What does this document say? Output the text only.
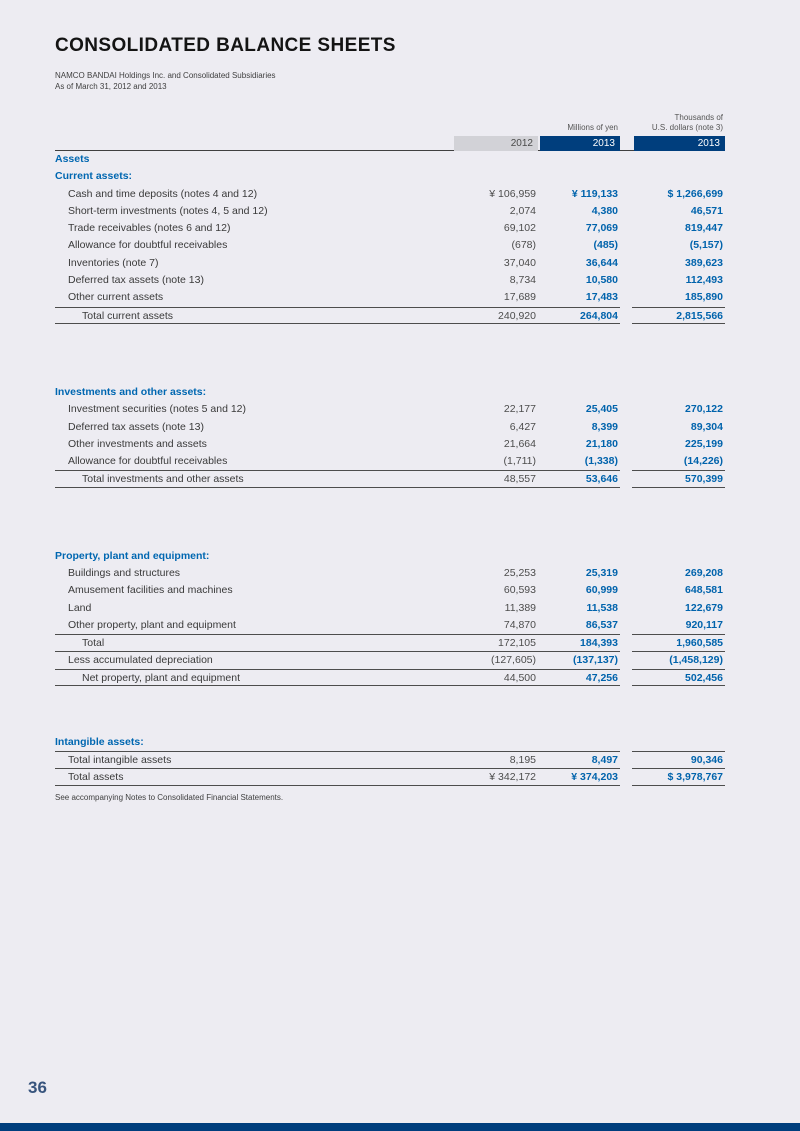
CONSOLIDATED BALANCE SHEETS
NAMCO BANDAI Holdings Inc. and Consolidated Subsidiaries
As of March 31, 2012 and 2013
Millions of yen
Thousands of
U.S. dollars (note 3)
2012	2013	2013
Assets
Current assets:
Cash and time deposits (notes 4 and 12)	¥ 106,959	¥ 119,133	$ 1,266,699
Short-term investments (notes 4, 5 and 12)	2,074	4,380	46,571
Trade receivables (notes 6 and 12)	69,102	77,069	819,447
Allowance for doubtful receivables	(678)	(485)	(5,157)
Inventories (note 7)	37,040	36,644	389,623
Deferred tax assets (note 13)	8,734	10,580	112,493
Other current assets	17,689	17,483	185,890
Total current assets	240,920	264,804	2,815,566
Investments and other assets:
Investment securities (notes 5 and 12)	22,177	25,405	270,122
Deferred tax assets (note 13)	6,427	8,399	89,304
Other investments and assets	21,664	21,180	225,199
Allowance for doubtful receivables	(1,711)	(1,338)	(14,226)
Total investments and other assets	48,557	53,646	570,399
Property, plant and equipment:
Buildings and structures	25,253	25,319	269,208
Amusement facilities and machines	60,593	60,999	648,581
Land	11,389	11,538	122,679
Other property, plant and equipment	74,870	86,537	920,117
Total	172,105	184,393	1,960,585
Less accumulated depreciation	(127,605)	(137,137)	(1,458,129)
Net property, plant and equipment	44,500	47,256	502,456
Intangible assets:
Total intangible assets	8,195	8,497	90,346
Total assets	¥ 342,172	¥ 374,203	$ 3,978,767
See accompanying Notes to Consolidated Financial Statements.
36
